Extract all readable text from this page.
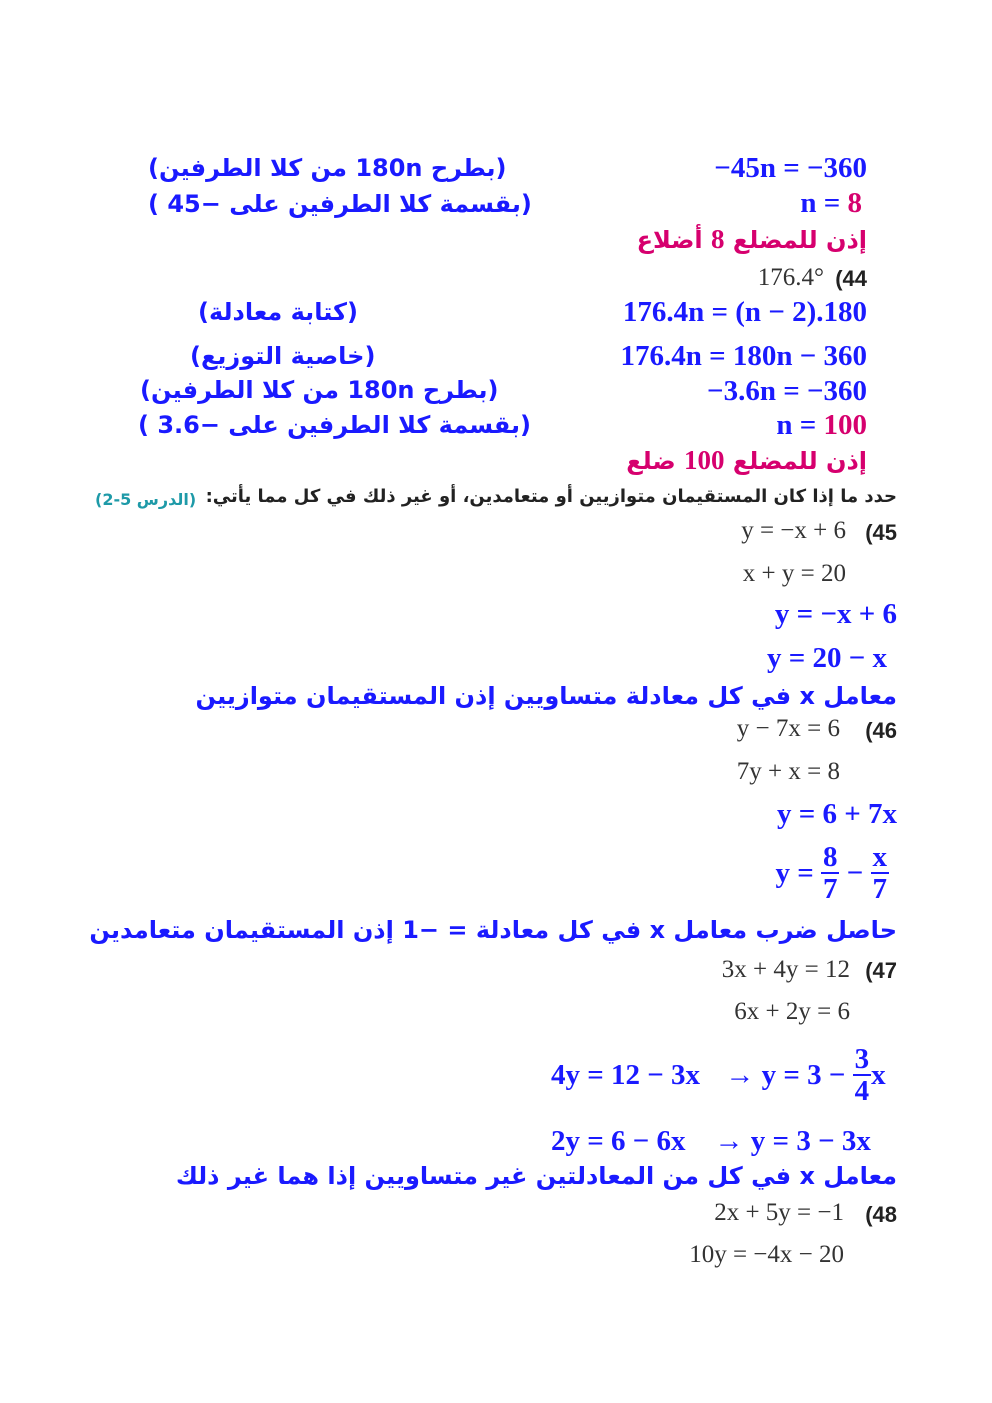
−45n = −360
(بطرح 180n من كلا الطرفين)
n = 8
(بقسمة كلا الطرفين على −45 )
إذن للمضلع 8 أضلاع
(44
176.4°
176.4n = (n − 2).180
(كتابة معادلة)
176.4n = 180n − 360
(خاصية التوزيع)
−3.6n = −360
(بطرح 180n من كلا الطرفين)
n = 100
(بقسمة كلا الطرفين على −3.6 )
إذن للمضلع 100 ضلع
حدد ما إذا كان المستقيمان متوازيين أو متعامدين، أو غير ذلك في كل مما يأتي:
(الدرس 5-2)
(45
y = −x + 6
x + y = 20
y = −x + 6
y = 20 − x
معامل x في كل معادلة متساويين إذن المستقيمان متوازيين
(46
y − 7x = 6
7y + x = 8
y = 6 + 7x
$y = \frac{8}{7} - \frac{x}{7}$
حاصل ضرب معامل x في كل معادلة = −1 إذن المستقيمان متعامدين
(47
3x + 4y = 12
6x + 2y = 6
$4y = 12 - 3x \to y = 3 - \frac{3}{4}$ x
2y = 6 − 6x    → y = 3 − 3x
معامل x في كل من المعادلتين غير متساويين إذا هما غير ذلك
(48
2x + 5y = −1
10y = −4x − 20
